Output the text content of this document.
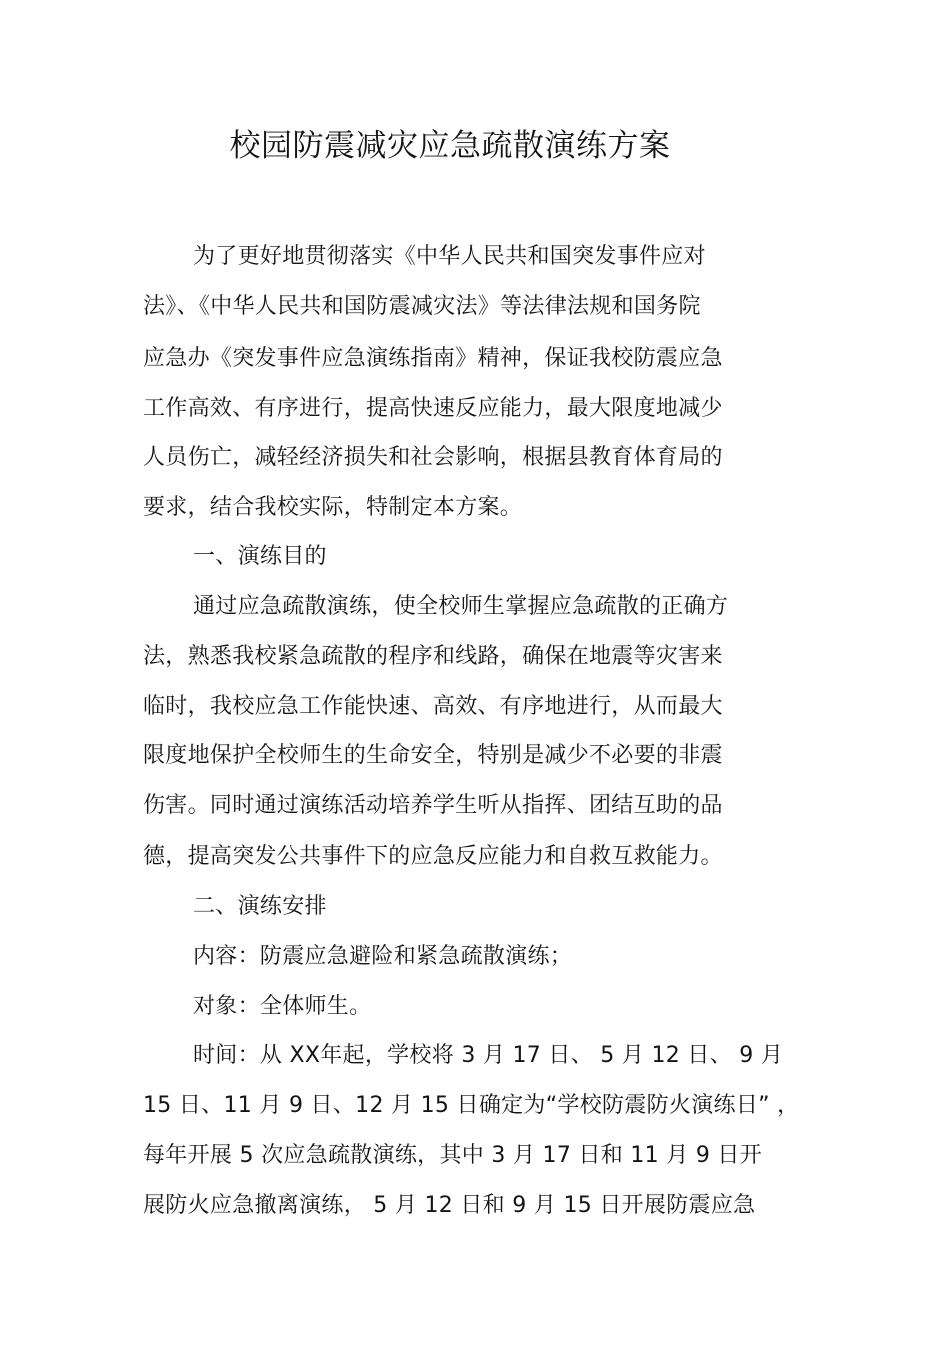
校园防震减灾应急疏散演练方案
为了更好地贯彻落实《中华人民共和国突发事件应对
法》、《中华人民共和国防震减灾法》等法律法规和国务院
应急办《突发事件应急演练指南》精神，保证我校防震应急
工作高效、有序进行，提高快速反应能力，最大限度地减少
人员伤亡，减轻经济损失和社会影响，根据县教育体育局的
要求，结合我校实际，特制定本方案。
一、演练目的
通过应急疏散演练，使全校师生掌握应急疏散的正确方
法，熟悉我校紧急疏散的程序和线路，确保在地震等灾害来
临时，我校应急工作能快速、高效、有序地进行，从而最大
限度地保护全校师生的生命安全，特别是减少不必要的非震
伤害。同时通过演练活动培养学生听从指挥、团结互助的品
德，提高突发公共事件下的应急反应能力和自救互救能力。
二、演练安排
内容：防震应急避险和紧急疏散演练；
对象：全体师生。
时间：从 XX年起，学校将 3 月 17 日、 5 月 12 日、 9 月
15 日、11 月 9 日、12 月 15 日确定为“学校防震防火演练日” ，
每年开展 5 次应急疏散演练，其中 3 月 17 日和 11 月 9 日开
展防火应急撤离演练， 5 月 12 日和 9 月 15 日开展防震应急
